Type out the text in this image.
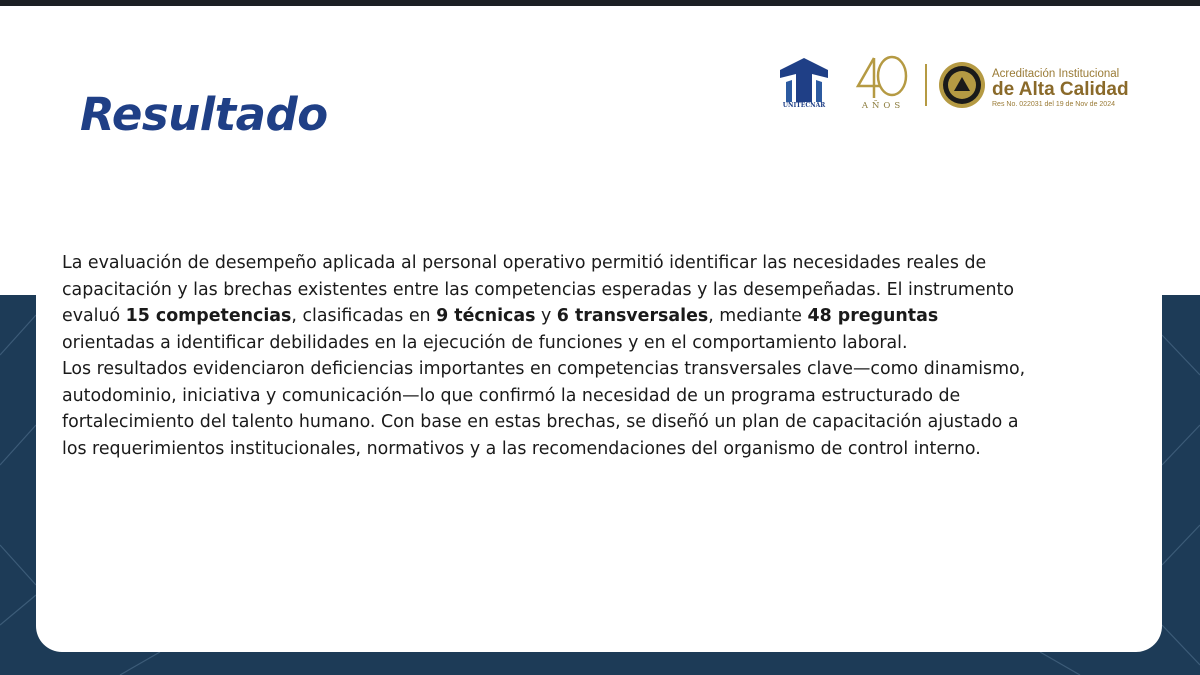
Resultado	UNITECNAR	AÑOS
Acreditación Institucional
de Alta Calidad
Res No. 022031 del 19 de Nov de 2024

La evaluación de desempeño aplicada al personal operativo permitió identificar las necesidades reales de capacitación y las brechas existentes entre las competencias esperadas y las desempeñadas. El instrumento evaluó 15 competencias, clasificadas en 9 técnicas y 6 transversales, mediante 48 preguntas orientadas a identificar debilidades en la ejecución de funciones y en el comportamiento laboral.

Los resultados evidenciaron deficiencias importantes en competencias transversales clave—como dinamismo, autodominio, iniciativa y comunicación—lo que confirmó la necesidad de un programa estructurado de fortalecimiento del talento humano. Con base en estas brechas, se diseñó un plan de capacitación ajustado a los requerimientos institucionales, normativos y a las recomendaciones del organismo de control interno.
